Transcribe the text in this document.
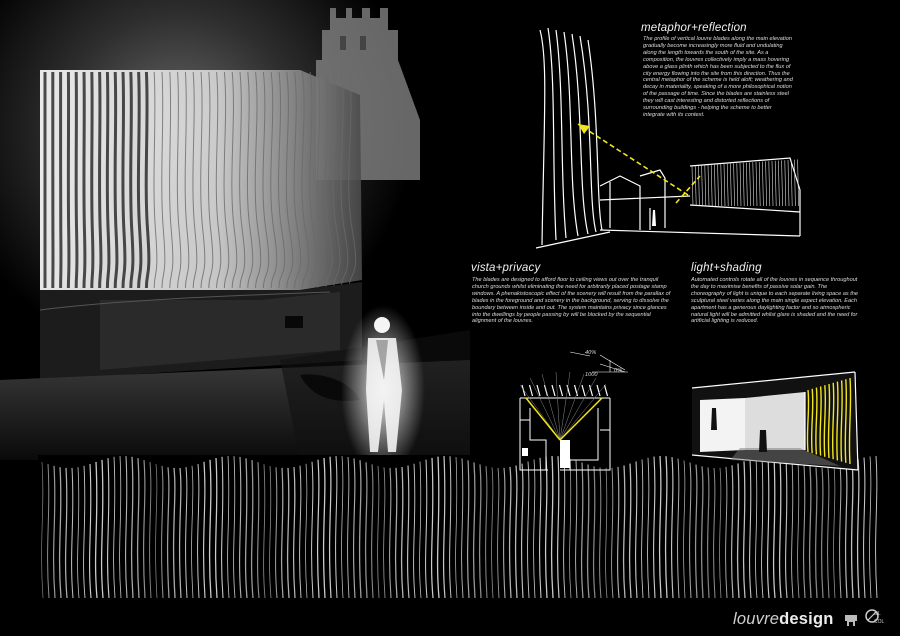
metaphor+reflection
The profile of vertical louvre blades along the main elevation gradually become increasingly more fluid and undulating along the length towards the south of the site. As a composition, the louvres collectively imply a mass hovering above a glass plinth which has been subjected to the flux of city energy flowing into the site from this direction. Thus the central metaphor of the scheme is held aloft; weathering and decay in materiality, speaking of a more philosophical notion of the passage of time. Since the blades are stainless steel they will cast interesting and distorted reflections of surrounding buildings - helping the scheme to better integrate with its context.
vista+privacy
The blades are designed to afford floor to ceiling views out over the tranquil church grounds whilst eliminating the need for arbitrarily placed postage stamp windows. A phenakistoscopic effect of the scenery will result from the parallax of blades in the foreground and scenery in the background, serving to dissolve the boundary between inside and out. The system maintains privacy since glances into the dwellings by people passing by will be blocked by the sequential alignment of the louvres.
40%
0%
1000
light+shading
Automated controls rotate all of the louvres in sequence throughout the day to maximise benefits of passive solar gain. The choreography of light is unique to each separate living space as the sculptural steel varies along the main single aspect elevation. Each apartment has a generous daylighting factor and so atmospheric natural light will be admitted whilst glare is shaded and the need for artificial lighting is reduced.
louvredesign	aiL
COL
